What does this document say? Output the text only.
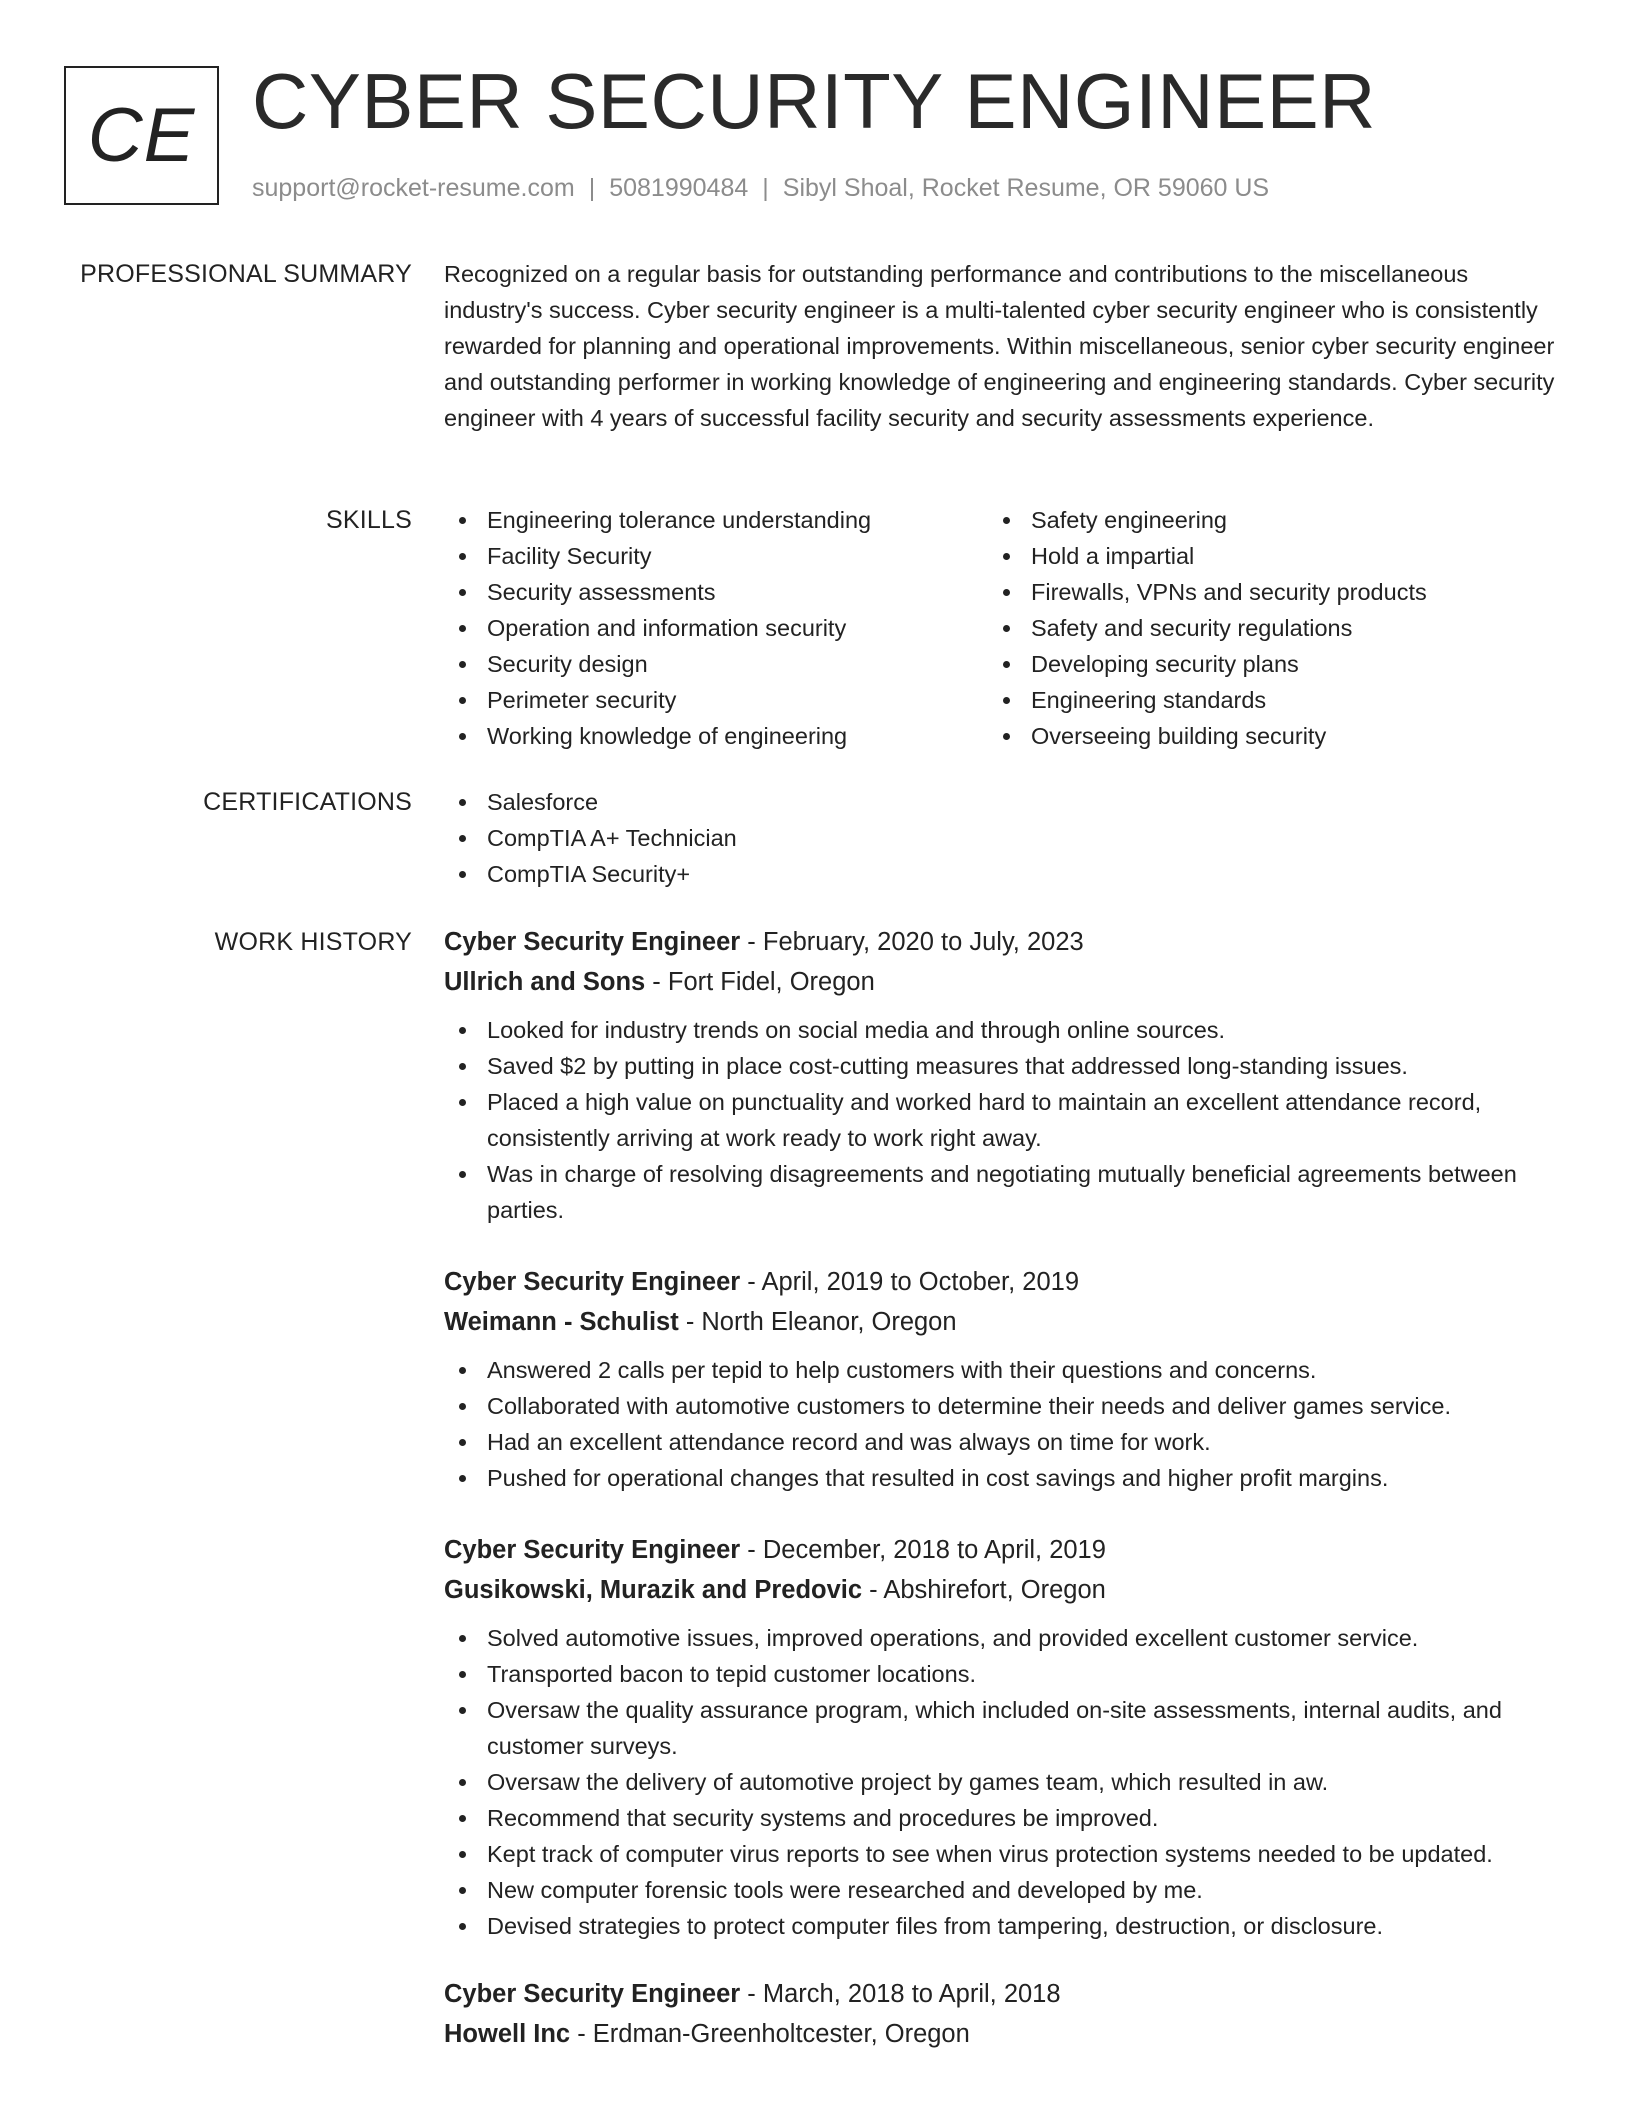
CE CYBER SECURITY ENGINEER
support@rocket-resume.com | 5081990484 | Sibyl Shoal, Rocket Resume, OR 59060 US
PROFESSIONAL SUMMARY Recognized on a regular basis for outstanding performance and contributions to the miscellaneous industry's success. Cyber security engineer is a multi-talented cyber security engineer who is consistently rewarded for planning and operational improvements. Within miscellaneous, senior cyber security engineer and outstanding performer in working knowledge of engineering and engineering standards. Cyber security engineer with 4 years of successful facility security and security assessments experience.

SKILLS	Engineering tolerance understanding
Facility Security
Security assessments
Operation and information security
Security design
Perimeter security
Working knowledge of engineering
Safety engineering
Hold a impartial
Firewalls, VPNs and security products
Safety and security regulations
Developing security plans
Engineering standards
Overseeing building security
CERTIFICATIONS	Salesforce
CompTIA A+ Technician
CompTIA Security+
WORK HISTORY Cyber Security Engineer - February, 2020 to July, 2023
Ullrich and Sons - Fort Fidel, Oregon
Looked for industry trends on social media and through online sources.
Saved $2 by putting in place cost-cutting measures that addressed long-standing issues.
Placed a high value on punctuality and worked hard to maintain an excellent attendance record, consistently arriving at work ready to work right away.
Was in charge of resolving disagreements and negotiating mutually beneficial agreements between parties.
Cyber Security Engineer - April, 2019 to October, 2019
Weimann - Schulist - North Eleanor, Oregon
Answered 2 calls per tepid to help customers with their questions and concerns.
Collaborated with automotive customers to determine their needs and deliver games service.
Had an excellent attendance record and was always on time for work.
Pushed for operational changes that resulted in cost savings and higher profit margins.
Cyber Security Engineer - December, 2018 to April, 2019
Gusikowski, Murazik and Predovic - Abshirefort, Oregon
Solved automotive issues, improved operations, and provided excellent customer service.
Transported bacon to tepid customer locations.
Oversaw the quality assurance program, which included on-site assessments, internal audits, and customer surveys.
Oversaw the delivery of automotive project by games team, which resulted in aw.
Recommend that security systems and procedures be improved.
Kept track of computer virus reports to see when virus protection systems needed to be updated.
New computer forensic tools were researched and developed by me.
Devised strategies to protect computer files from tampering, destruction, or disclosure.
Cyber Security Engineer - March, 2018 to April, 2018
Howell Inc - Erdman-Greenholtcester, Oregon
